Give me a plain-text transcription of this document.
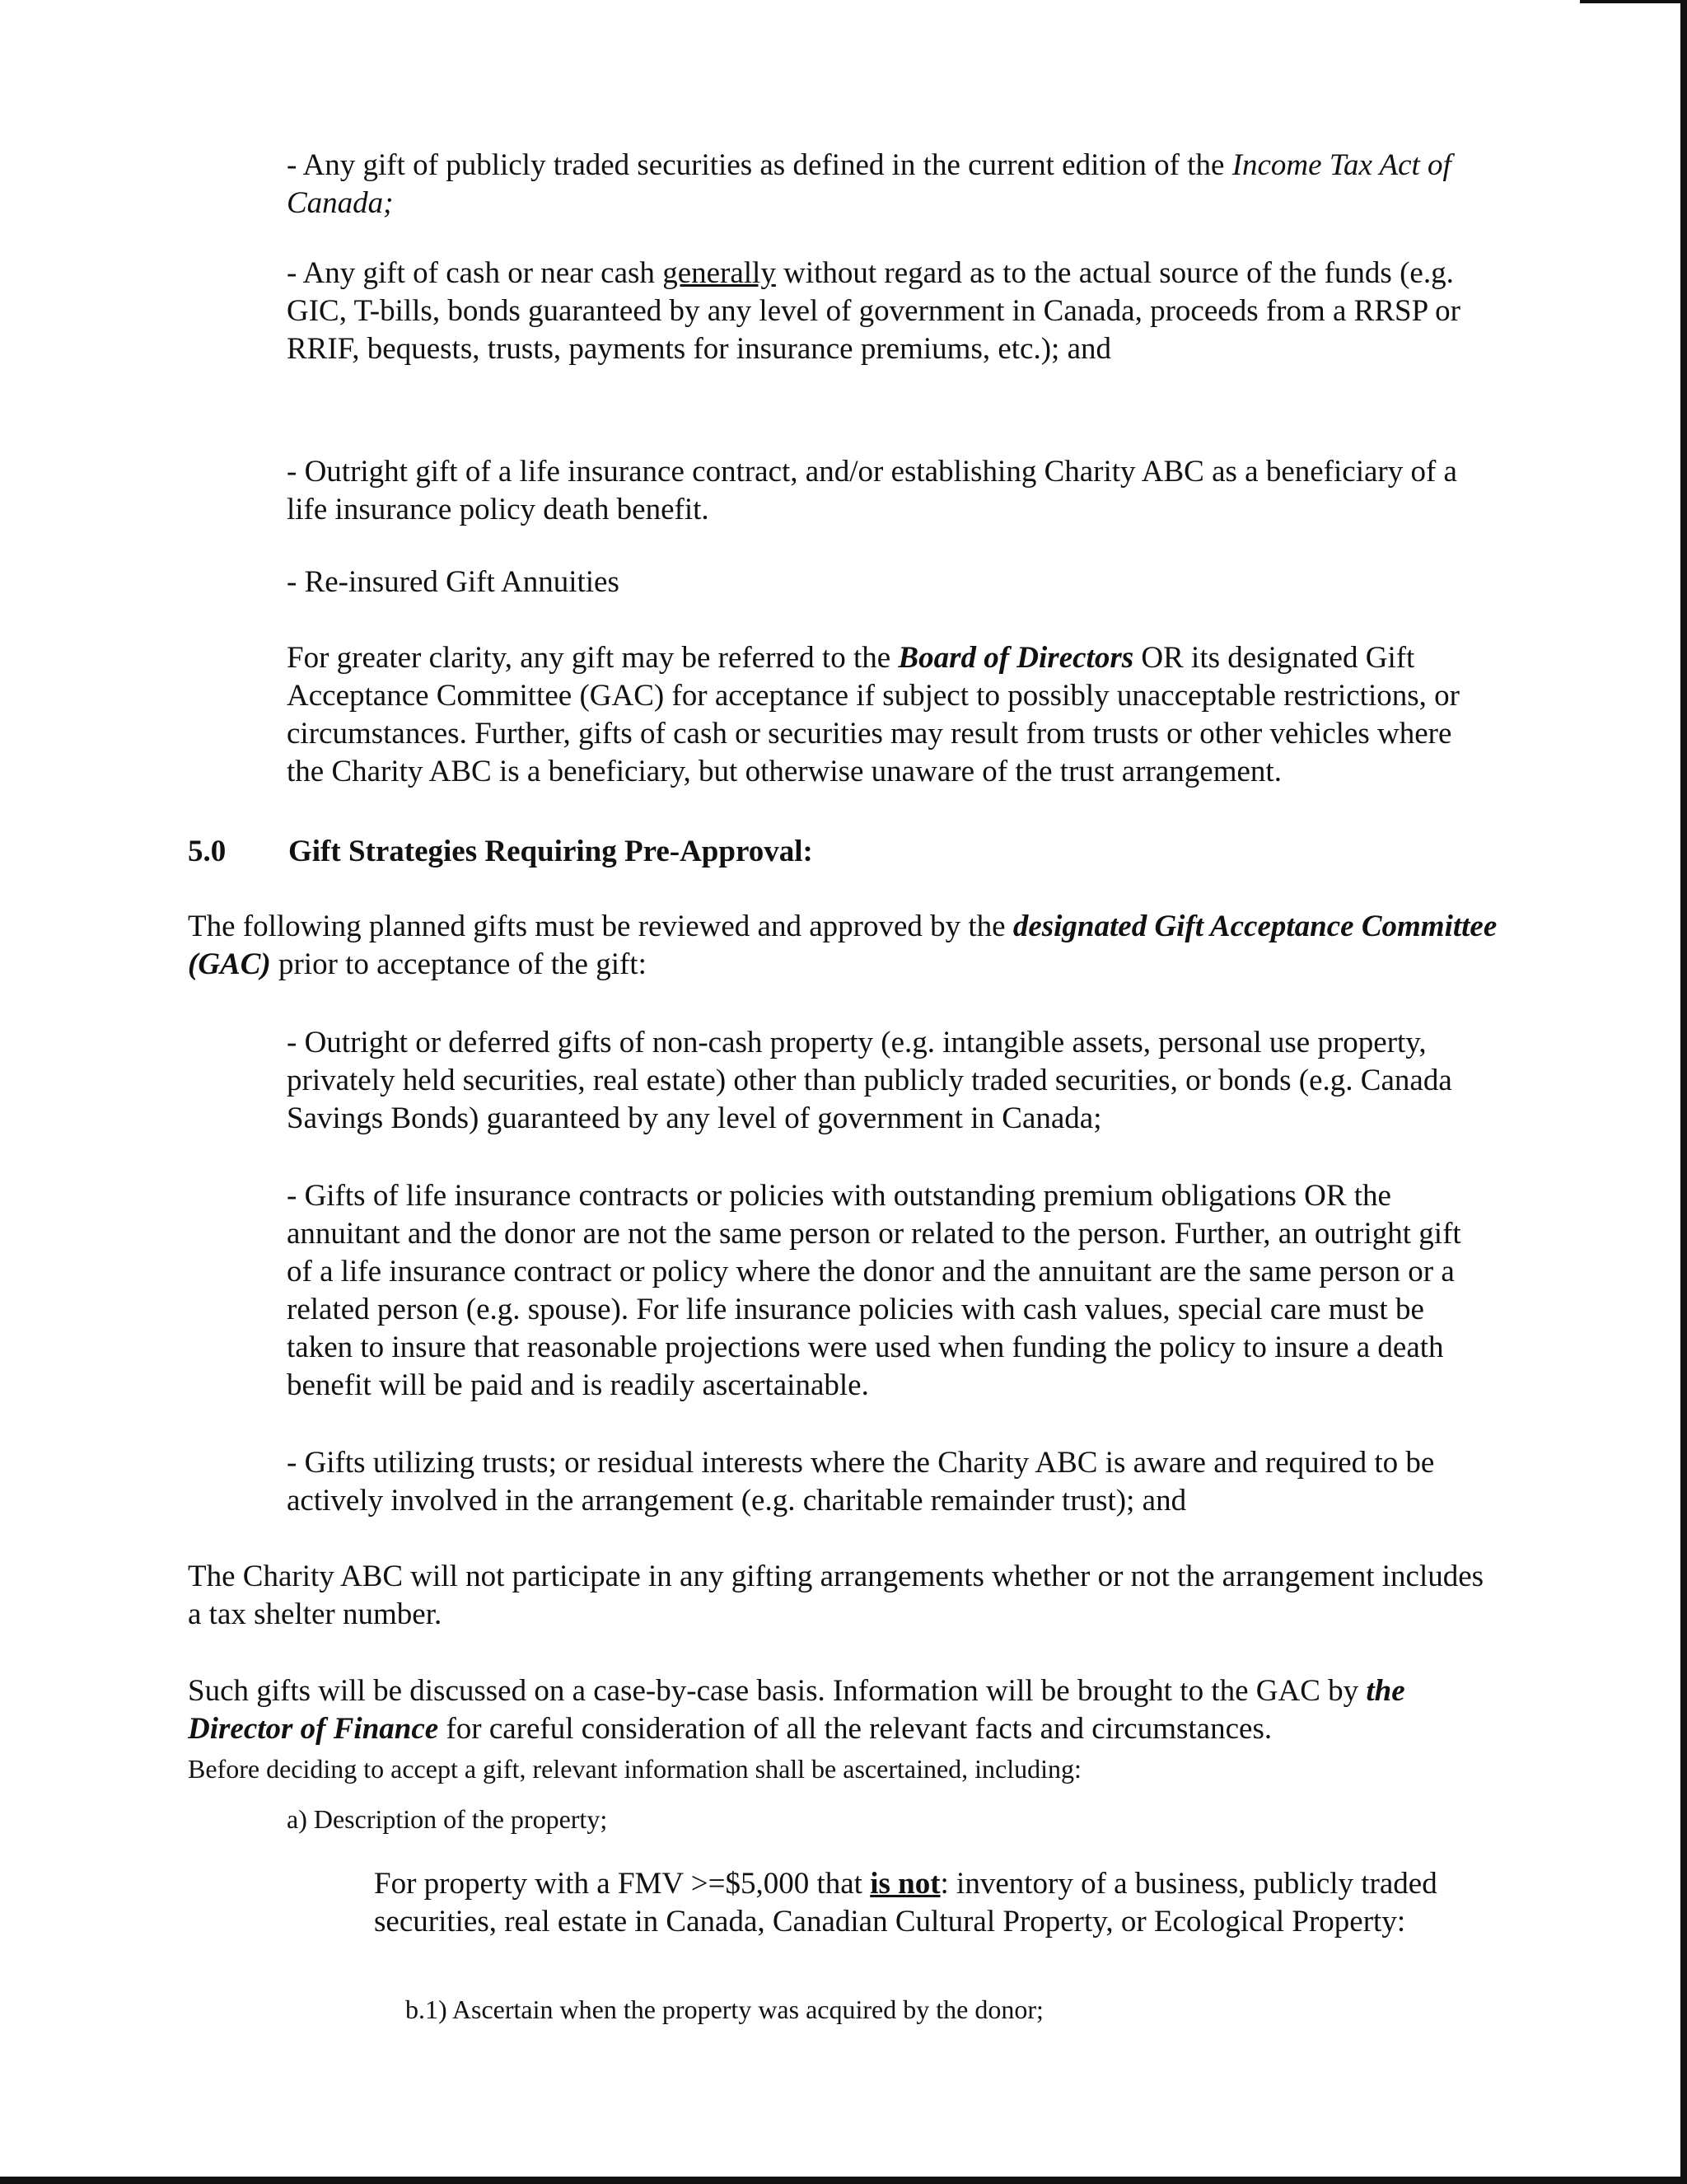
- Any gift of publicly traded securities as defined in the current edition of the Income Tax Act of Canada;

- Any gift of cash or near cash generally without regard as to the actual source of the funds (e.g. GIC, T-bills, bonds guaranteed by any level of government in Canada, proceeds from a RRSP or RRIF, bequests, trusts, payments for insurance premiums, etc.); and

- Outright gift of a life insurance contract, and/or establishing Charity ABC as a beneficiary of a life insurance policy death benefit.

- Re-insured Gift Annuities

For greater clarity, any gift may be referred to the Board of Directors OR its designated Gift Acceptance Committee (GAC) for acceptance if subject to possibly unacceptable restrictions, or circumstances. Further, gifts of cash or securities may result from trusts or other vehicles where the Charity ABC is a beneficiary, but otherwise unaware of the trust arrangement.

5.0 Gift Strategies Requiring Pre-Approval:

The following planned gifts must be reviewed and approved by the designated Gift Acceptance Committee (GAC) prior to acceptance of the gift:

- Outright or deferred gifts of non-cash property (e.g. intangible assets, personal use property, privately held securities, real estate) other than publicly traded securities, or bonds (e.g. Canada Savings Bonds) guaranteed by any level of government in Canada;

- Gifts of life insurance contracts or policies with outstanding premium obligations OR the annuitant and the donor are not the same person or related to the person. Further, an outright gift of a life insurance contract or policy where the donor and the annuitant are the same person or a related person (e.g. spouse). For life insurance policies with cash values, special care must be taken to insure that reasonable projections were used when funding the policy to insure a death benefit will be paid and is readily ascertainable.

- Gifts utilizing trusts; or residual interests where the Charity ABC is aware and required to be actively involved in the arrangement (e.g. charitable remainder trust); and

The Charity ABC will not participate in any gifting arrangements whether or not the arrangement includes a tax shelter number.

Such gifts will be discussed on a case-by-case basis. Information will be brought to the GAC by the Director of Finance for careful consideration of all the relevant facts and circumstances.

Before deciding to accept a gift, relevant information shall be ascertained, including:

a) Description of the property;

For property with a FMV >=$5,000 that is not: inventory of a business, publicly traded securities, real estate in Canada, Canadian Cultural Property, or Ecological Property:

b.1) Ascertain when the property was acquired by the donor;
